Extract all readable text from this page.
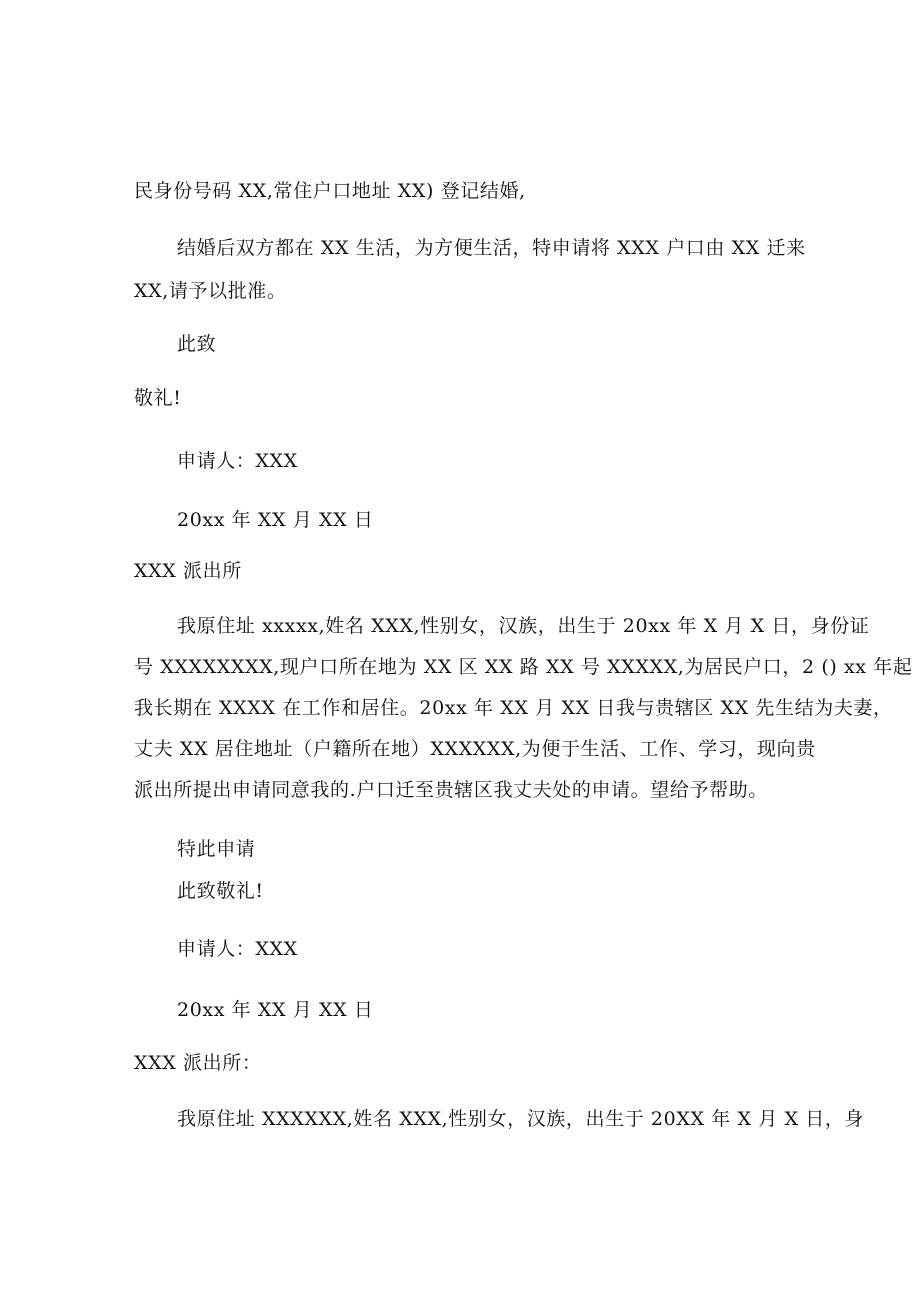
民身份号码 XX,常住户口地址 XX) 登记结婚,
结婚后双方都在 XX 生活，为方便生活，特申请将 XXX 户口由 XX 迁来
XX,请予以批准。
此致
敬礼!
申请人：XXX
20xx 年 XX 月 XX 日
XXX 派出所
我原住址 xxxxx,姓名 XXX,性别女，汉族，出生于 20xx 年 X 月 X 日，身份证
号 XXXXXXXX,现户口所在地为 XX 区 XX 路 XX 号 XXXXX,为居民户口，2 () xx 年起
我长期在 XXXX 在工作和居住。20xx 年 XX 月 XX 日我与贵辖区 XX 先生结为夫妻，
丈夫 XX 居住地址（户籍所在地）XXXXXX,为便于生活、工作、学习，现向贵
派出所提出申请同意我的.户口迁至贵辖区我丈夫处的申请。望给予帮助。
特此申请
此致敬礼!
申请人：XXX
20xx 年 XX 月 XX 日
XXX 派出所：
我原住址 XXXXXX,姓名 XXX,性别女，汉族，出生于 20XX 年 X 月 X 日，身
